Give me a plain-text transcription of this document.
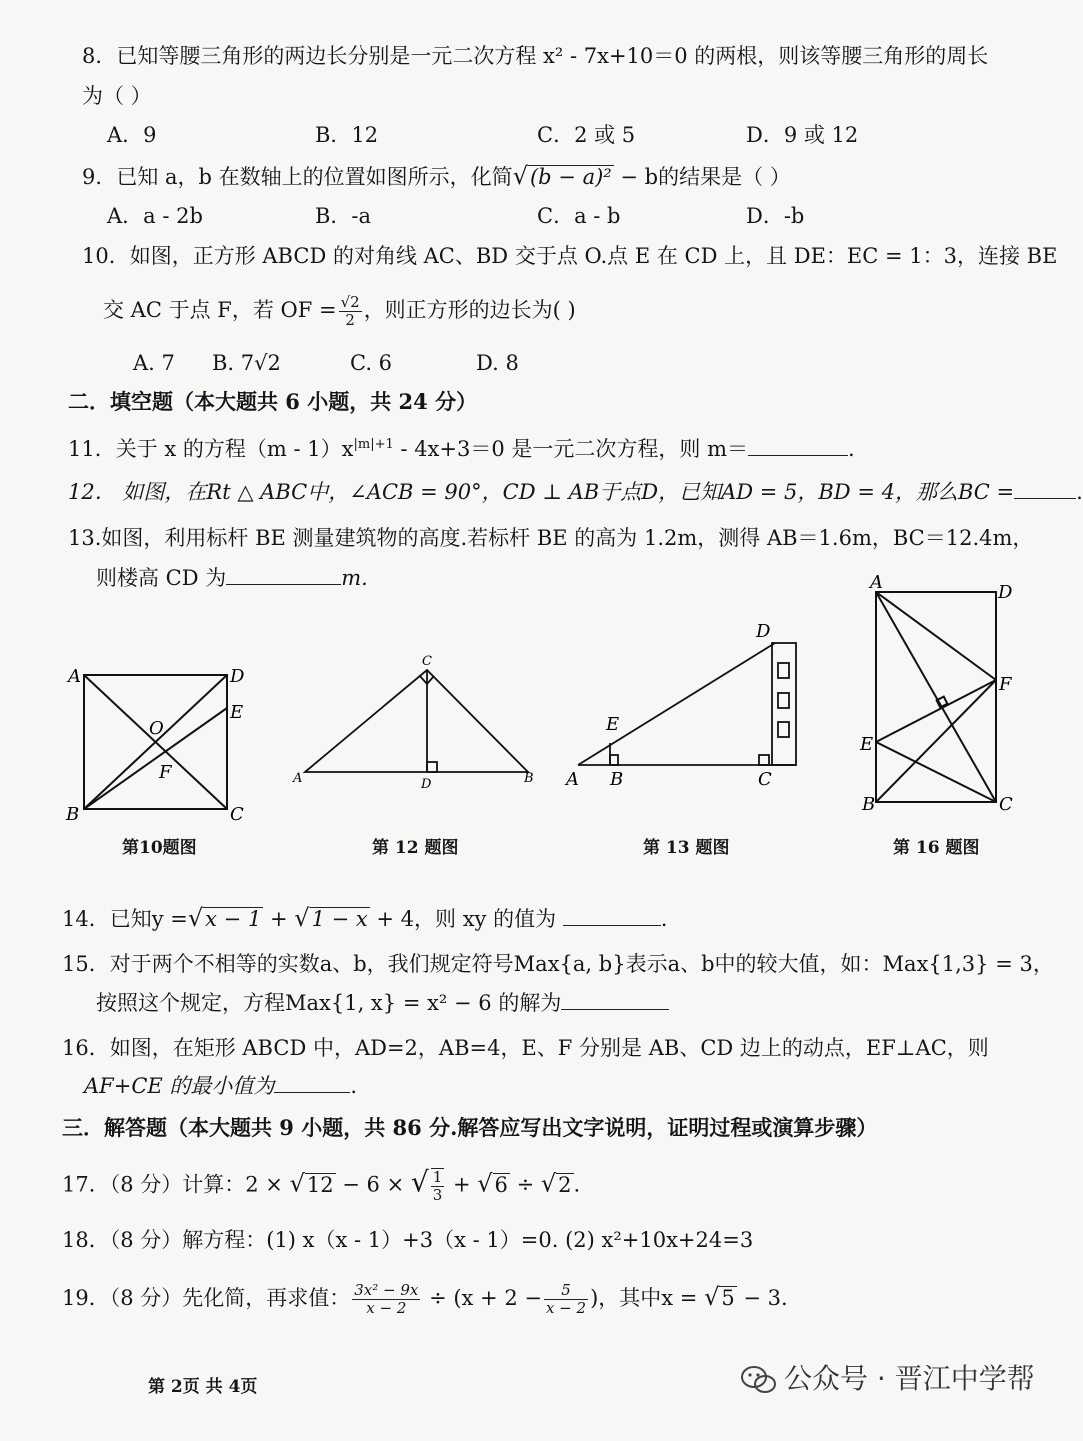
8．已知等腰三角形的两边长分别是一元二次方程 x² - 7x+10＝0 的两根，则该等腰三角形的周长
为（ ）
A．9	B．12	C．2 或 5	D．9 或 12
9．已知 a，b 在数轴上的位置如图所示，化简√(b − a)² − b的结果是（ ）
A．a - 2b	B．-a	C．a - b	D．-b
10．如图，正方形 ABCD 的对角线 AC、BD 交于点 O.点 E 在 CD 上，且 DE：EC = 1：3，连接 BE
交 AC 于点 F，若 OF = $\frac{√2}{2}$ ，则正方形的边长为( )
A. 7 B. 7√2	C. 6	D. 8
二．填空题（本大题共 6 小题，共 24 分）
11．关于 x 的方程$(m - 1)x^{|m|+1} - 4x+3=0$ 是一元二次方程，则 m＝	.
12． 如图，在Rt △ ABC中，∠ACB = 90°，CD ⊥ AB于点D，已知AD = 5，BD = 4，那么BC =	.
13.如图，利用标杆 BE 测量建筑物的高度.若标杆 BE 的高为 1.2m，测得 AB＝1.6m，BC＝12.4m，
则楼高 CD 为	m.
A	D
E
O
F
B	C
A
C
D	B
D
E
A B	C
A	D
F
E
B	C
第10题图	第 12 题图	第 13 题图	第 16 题图
14．已知y =√x − 1 + √1 − x + 4，则 xy 的值为	.
15．对于两个不相等的实数a、b，我们规定符号Max{a, b}表示a、b中的较大值，如：Max{1,3} = 3，
按照这个规定，方程Max{1, x} = x² − 6 的解为
16．如图，在矩形 ABCD 中，AD=2，AB=4，E、F 分别是 AB、CD 边上的动点，EF⊥AC，则
AF+CE 的最小值为	.
三．解答题（本大题共 9 小题，共 86 分.解答应写出文字说明，证明过程或演算步骤）
17．（8 分）计算：2 × √12 − 6 × √ $\frac{1}{3} + √6 \div √2$.
18．（8 分）解方程：(1) x（x - 1）+3（x - 1）=0. (2) x²+10x+24=3
19．（8 分）先化简，再求值： $\frac{\text{3x² − 9x}}{x - 2} \div (x + 2 - \frac{5}{x - 2}$ )，其中x = √5 − 3.
第 2页 共 4页	公众号 · 晋江中学帮
